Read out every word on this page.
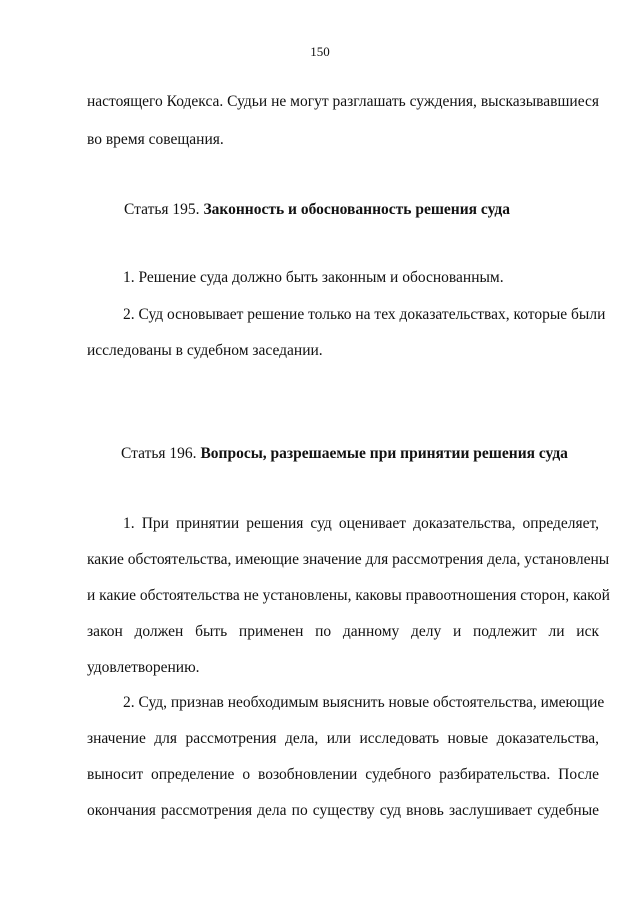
150
настоящего Кодекса. Судьи не могут разглашать суждения, высказывавшиеся
во время совещания.
Статья 195. Законность и обоснованность решения суда
1. Решение суда должно быть законным и обоснованным.
2. Суд основывает решение только на тех доказательствах, которые были
исследованы в судебном заседании.
Статья 196. Вопросы, разрешаемые при принятии решения суда
1. При принятии решения суд оценивает доказательства, определяет,
какие обстоятельства, имеющие значение для рассмотрения дела, установлены
и какие обстоятельства не установлены, каковы правоотношения сторон, какой
закон должен быть применен по данному делу и подлежит ли иск
удовлетворению.
2. Суд, признав необходимым выяснить новые обстоятельства, имеющие
значение для рассмотрения дела, или исследовать новые доказательства,
выносит определение о возобновлении судебного разбирательства. После
окончания рассмотрения дела по существу суд вновь заслушивает судебные
